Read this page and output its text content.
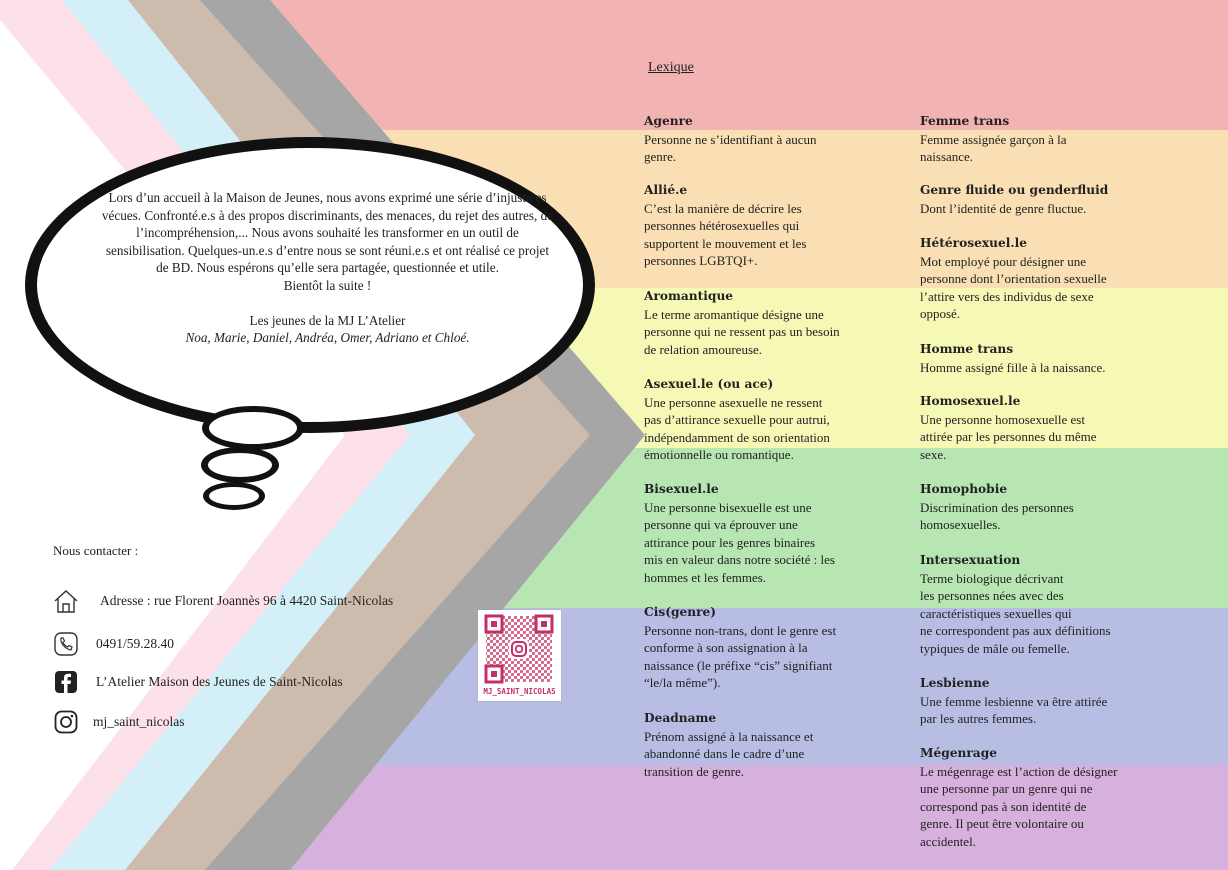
Lors d’un accueil à la Maison de Jeunes, nous avons exprimé une série d’injustices vécues. Confronté.e.s à des propos discriminants, des menaces, du rejet des autres, de l’incompréhension,... Nous avons souhaité les transformer en un outil de sensibilisation. Quelques-un.e.s d’entre nous se sont réuni.e.s et ont réalisé ce projet de BD. Nous espérons qu’elle sera partagée, questionnée et utile.

Bientôt la suite !

Les jeunes de la MJ L’Atelier

Noa, Marie, Daniel, Andréa, Omer, Adriano et Chloé.

Nous contacter :
Adresse : rue Florent Joannès 96 à 4420 Saint-Nicolas
0491/59.28.40
L’Atelier Maison des Jeunes de Saint-Nicolas
mj_saint_nicolas
MJ_SAINT_NICOLAS
Lexique
Agenre
Personne ne s’identifiant à aucun
genre.
Allié.e
C’est la manière de décrire les
personnes hétérosexuelles qui
supportent le mouvement et les
personnes LGBTQI+.
Aromantique
Le terme aromantique désigne une
personne qui ne ressent pas un besoin
de relation amoureuse.
Asexuel.le (ou ace)
Une personne asexuelle ne ressent
pas d’attirance sexuelle pour autrui,
indépendamment de son orientation
émotionnelle ou romantique.
Bisexuel.le
Une personne bisexuelle est une
personne qui va éprouver une
attirance pour les genres binaires
mis en valeur dans notre société : les
hommes et les femmes.
Cis(genre)
Personne non-trans, dont le genre est
conforme à son assignation à la
naissance (le préfixe “cis” signifiant
“le/la même”).
Deadname
Prénom assigné à la naissance et
abandonné dans le cadre d’une
transition de genre.
Femme trans
Femme assignée garçon à la
naissance.
Genre fluide ou genderfluid
Dont l’identité de genre fluctue.
Hétérosexuel.le
Mot employé pour désigner une
personne dont l’orientation sexuelle
l’attire vers des individus de sexe
opposé.
Homme trans
Homme assigné fille à la naissance.
Homosexuel.le
Une personne homosexuelle est
attirée par les personnes du même
sexe.
Homophobie
Discrimination des personnes
homosexuelles.
Intersexuation
Terme biologique décrivant
les personnes nées avec des
caractéristiques sexuelles qui
ne correspondent pas aux définitions
typiques de mâle ou femelle.
Lesbienne
Une femme lesbienne va être attirée
par les autres femmes.
Mégenrage
Le mégenrage est l’action de désigner
une personne par un genre qui ne
correspond pas à son identité de
genre. Il peut être volontaire ou
accidentel.
